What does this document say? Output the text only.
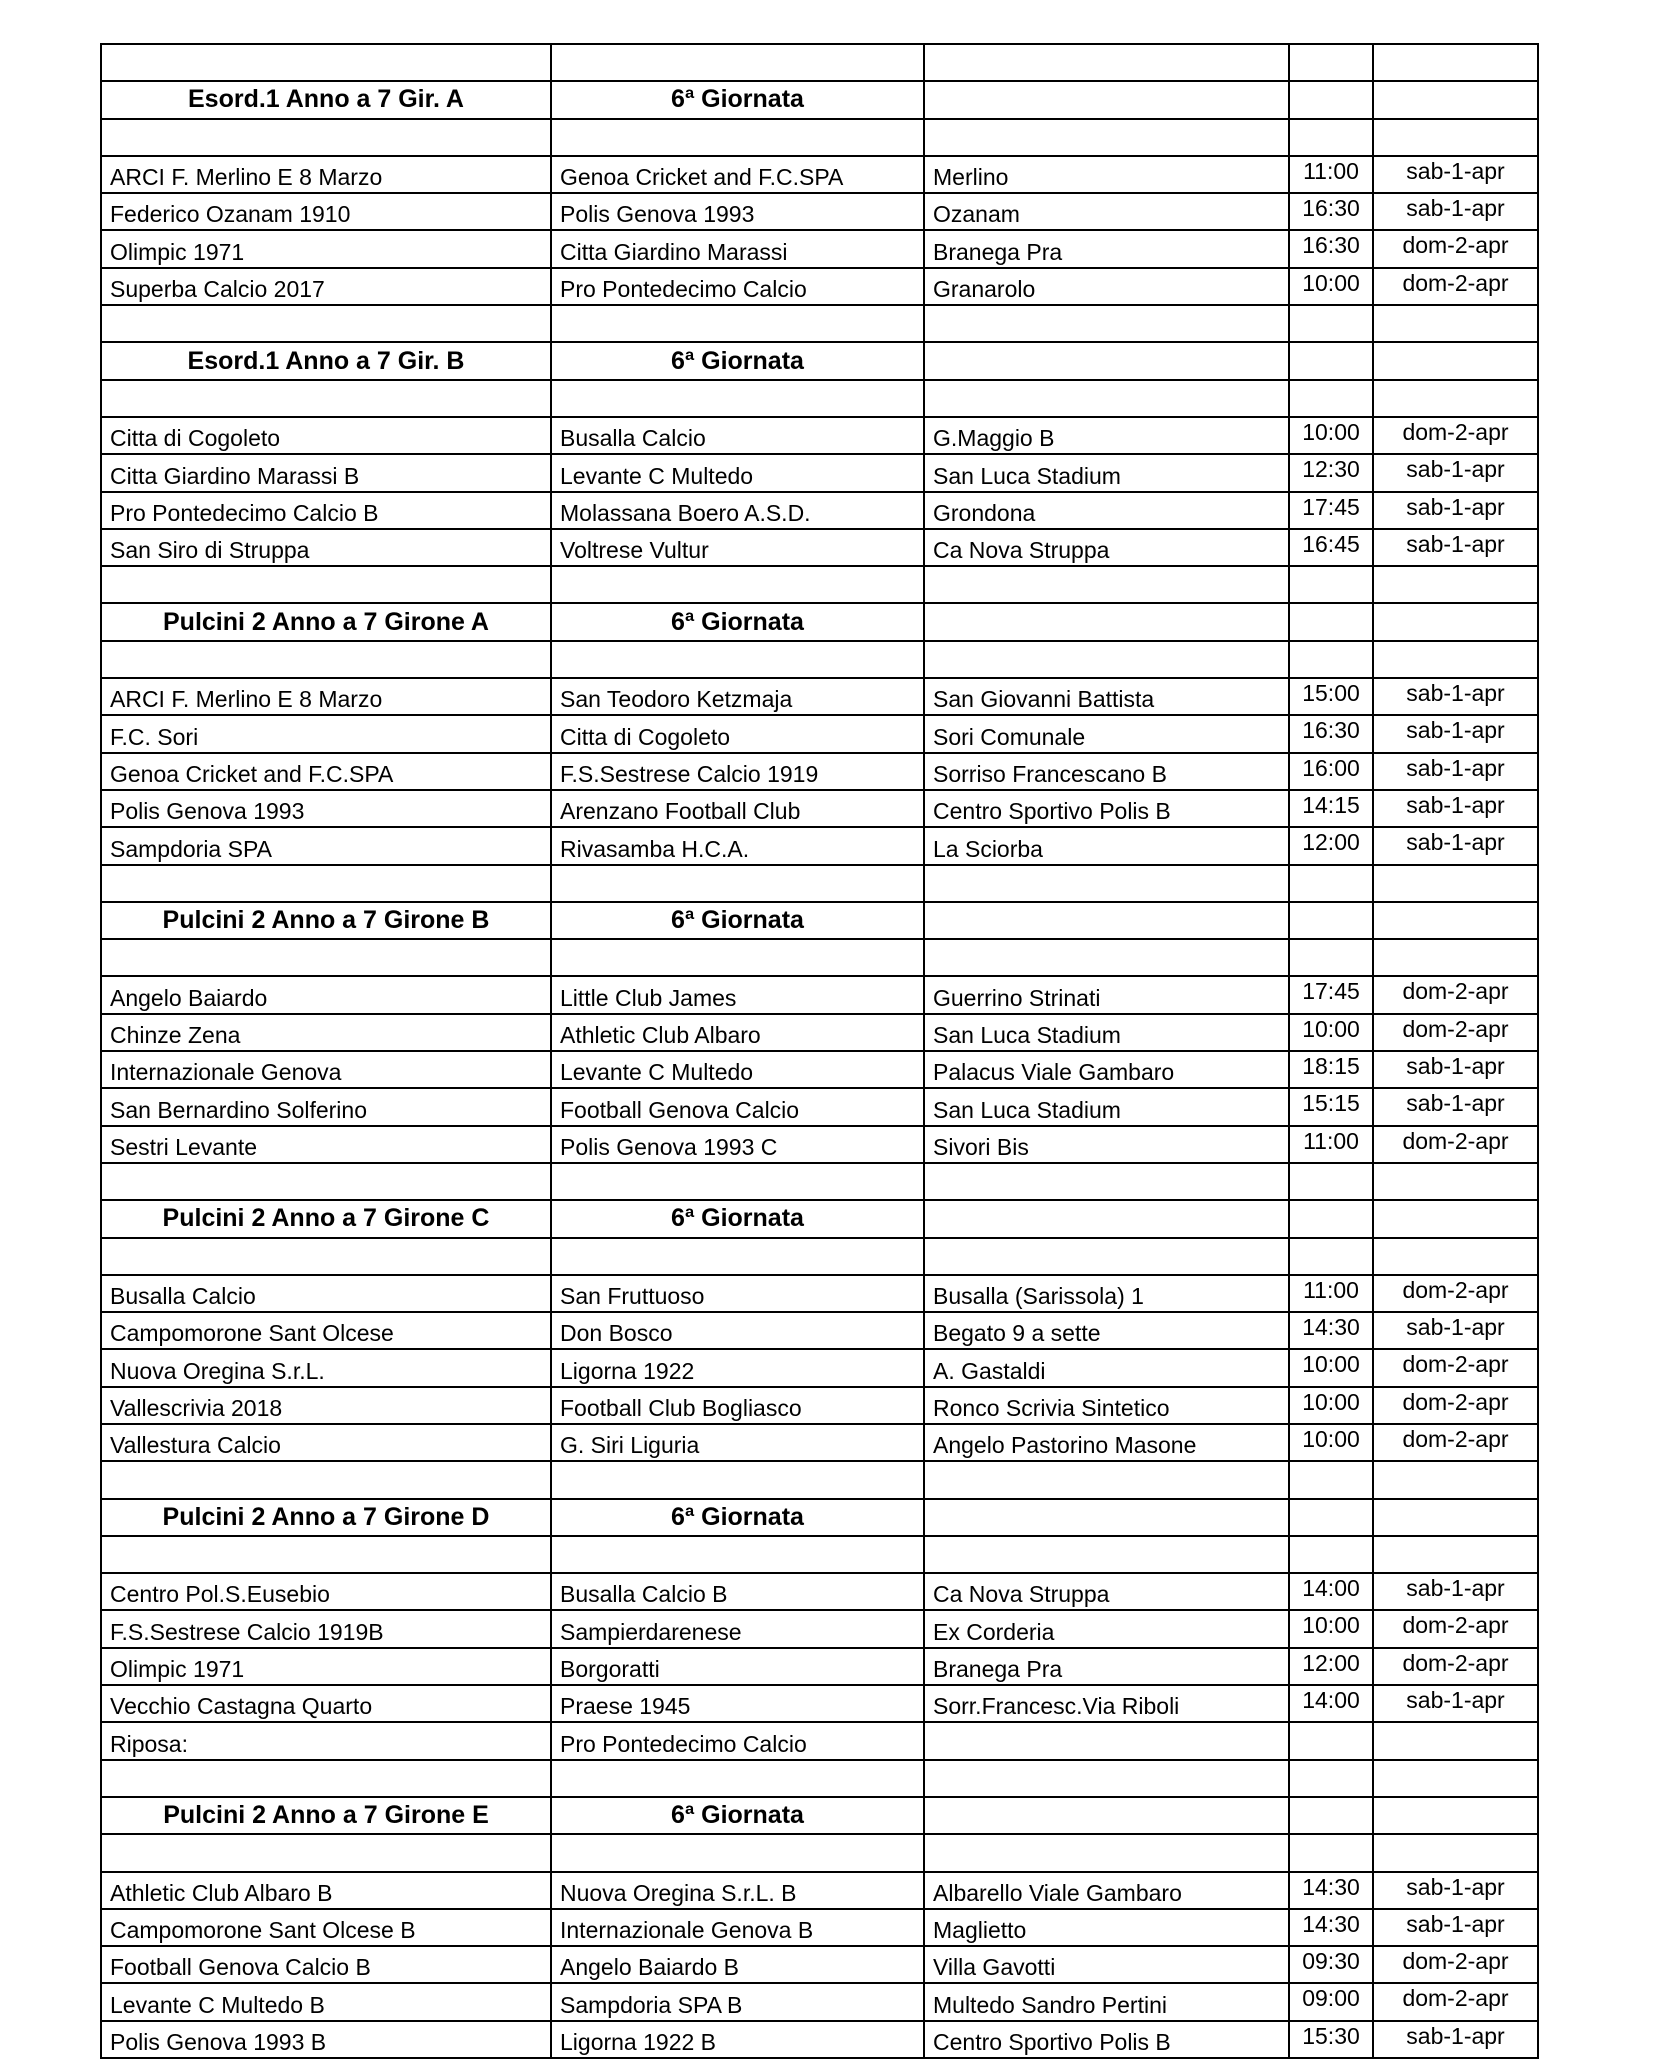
Esord.1 Anno a 7 Gir. A	6ª Giornata			

ARCI F. Merlino E 8 Marzo	Genoa Cricket and F.C.SPA	Merlino	11:00	sab-1-apr
Federico Ozanam 1910	Polis Genova 1993	Ozanam	16:30	sab-1-apr
Olimpic 1971	Citta Giardino Marassi	Branega Pra	16:30	dom-2-apr
Superba Calcio 2017	Pro Pontedecimo Calcio	Granarolo	10:00	dom-2-apr

Esord.1 Anno a 7 Gir. B	6ª Giornata			

Citta di Cogoleto	Busalla Calcio	G.Maggio B	10:00	dom-2-apr
Citta Giardino Marassi B	Levante C Multedo	San Luca Stadium	12:30	sab-1-apr
Pro Pontedecimo Calcio B	Molassana Boero A.S.D.	Grondona	17:45	sab-1-apr
San Siro di Struppa	Voltrese Vultur	Ca Nova Struppa	16:45	sab-1-apr

Pulcini 2 Anno a 7 Girone A	6ª Giornata			

ARCI F. Merlino E 8 Marzo	San Teodoro Ketzmaja	San Giovanni Battista	15:00	sab-1-apr
F.C. Sori	Citta di Cogoleto	Sori Comunale	16:30	sab-1-apr
Genoa Cricket and F.C.SPA	F.S.Sestrese Calcio 1919	Sorriso Francescano B	16:00	sab-1-apr
Polis Genova 1993	Arenzano Football Club	Centro Sportivo Polis B	14:15	sab-1-apr
Sampdoria SPA	Rivasamba H.C.A.	La Sciorba	12:00	sab-1-apr

Pulcini 2 Anno a 7 Girone B	6ª Giornata			

Angelo Baiardo	Little Club James	Guerrino Strinati	17:45	dom-2-apr
Chinze Zena	Athletic Club Albaro	San Luca Stadium	10:00	dom-2-apr
Internazionale Genova	Levante C Multedo	Palacus Viale Gambaro	18:15	sab-1-apr
San Bernardino Solferino	Football Genova Calcio	San Luca Stadium	15:15	sab-1-apr
Sestri Levante	Polis Genova 1993 C	Sivori Bis	11:00	dom-2-apr

Pulcini 2 Anno a 7 Girone C	6ª Giornata			

Busalla Calcio	San Fruttuoso	Busalla (Sarissola) 1	11:00	dom-2-apr
Campomorone Sant Olcese	Don Bosco	Begato 9 a sette	14:30	sab-1-apr
Nuova Oregina S.r.L.	Ligorna 1922	A. Gastaldi	10:00	dom-2-apr
Vallescrivia 2018	Football Club Bogliasco	Ronco Scrivia Sintetico	10:00	dom-2-apr
Vallestura Calcio	G. Siri Liguria	Angelo Pastorino Masone	10:00	dom-2-apr

Pulcini 2 Anno a 7 Girone D	6ª Giornata			

Centro Pol.S.Eusebio	Busalla Calcio B	Ca Nova Struppa	14:00	sab-1-apr
F.S.Sestrese Calcio 1919B	Sampierdarenese	Ex Corderia	10:00	dom-2-apr
Olimpic 1971	Borgoratti	Branega Pra	12:00	dom-2-apr
Vecchio Castagna Quarto	Praese 1945	Sorr.Francesc.Via Riboli	14:00	sab-1-apr
Riposa:	Pro Pontedecimo Calcio			

Pulcini 2 Anno a 7 Girone E	6ª Giornata			

Athletic Club Albaro B	Nuova Oregina S.r.L. B	Albarello Viale Gambaro	14:30	sab-1-apr
Campomorone Sant Olcese B	Internazionale Genova B	Maglietto	14:30	sab-1-apr
Football Genova Calcio B	Angelo Baiardo B	Villa Gavotti	09:30	dom-2-apr
Levante C Multedo B	Sampdoria SPA B	Multedo Sandro Pertini	09:00	dom-2-apr
Polis Genova 1993 B	Ligorna 1922 B	Centro Sportivo Polis B	15:30	sab-1-apr
